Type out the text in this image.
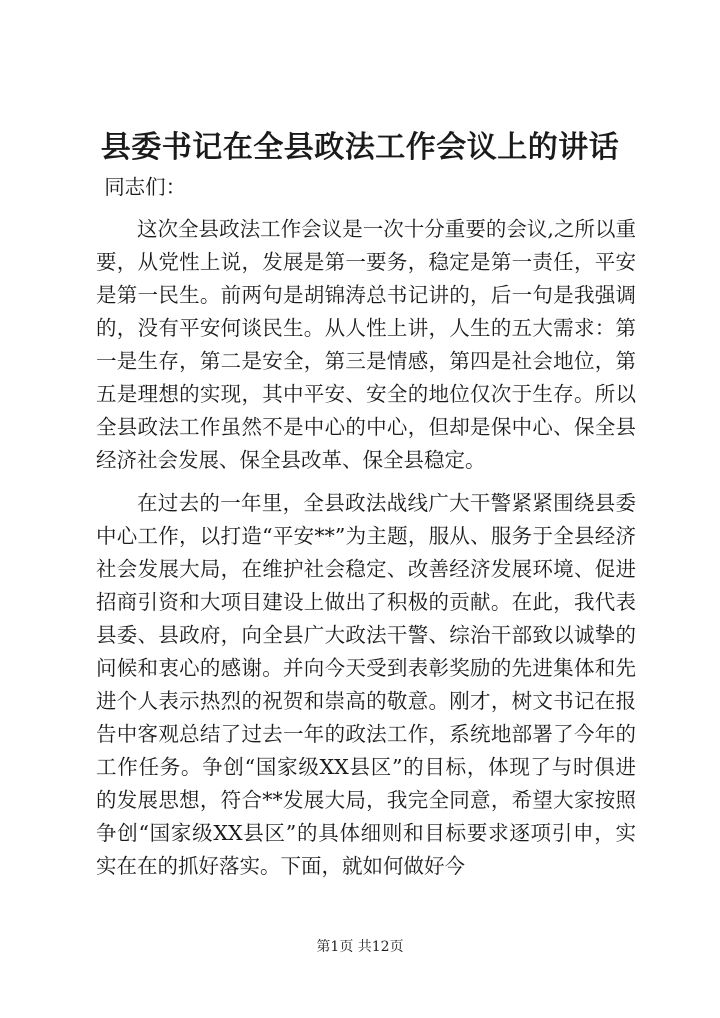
县委书记在全县政法工作会议上的讲话

同志们：

这次全县政法工作会议是一次十分重要的会议,之所以重要，从党性上说，发展是第一要务，稳定是第一责任，平安是第一民生。前两句是胡锦涛总书记讲的，后一句是我强调的，没有平安何谈民生。从人性上讲，人生的五大需求：第一是生存，第二是安全，第三是情感，第四是社会地位，第五是理想的实现，其中平安、安全的地位仅次于生存。所以全县政法工作虽然不是中心的中心，但却是保中心、保全县经济社会发展、保全县改革、保全县稳定。

在过去的一年里，全县政法战线广大干警紧紧围绕县委中心工作，以打造“平安**”为主题，服从、服务于全县经济社会发展大局，在维护社会稳定、改善经济发展环境、促进招商引资和大项目建设上做出了积极的贡献。在此，我代表县委、县政府，向全县广大政法干警、综治干部致以诚挚的问候和衷心的感谢。并向今天受到表彰奖励的先进集体和先进个人表示热烈的祝贺和崇高的敬意。刚才，树文书记在报告中客观总结了过去一年的政法工作，系统地部署了今年的工作任务。争创“国家级XX县区”的目标，体现了与时俱进的发展思想，符合**发展大局，我完全同意，希望大家按照争创“国家级XX县区”的具体细则和目标要求逐项引申，实实在在的抓好落实。下面，就如何做好今

第1页 共12页
